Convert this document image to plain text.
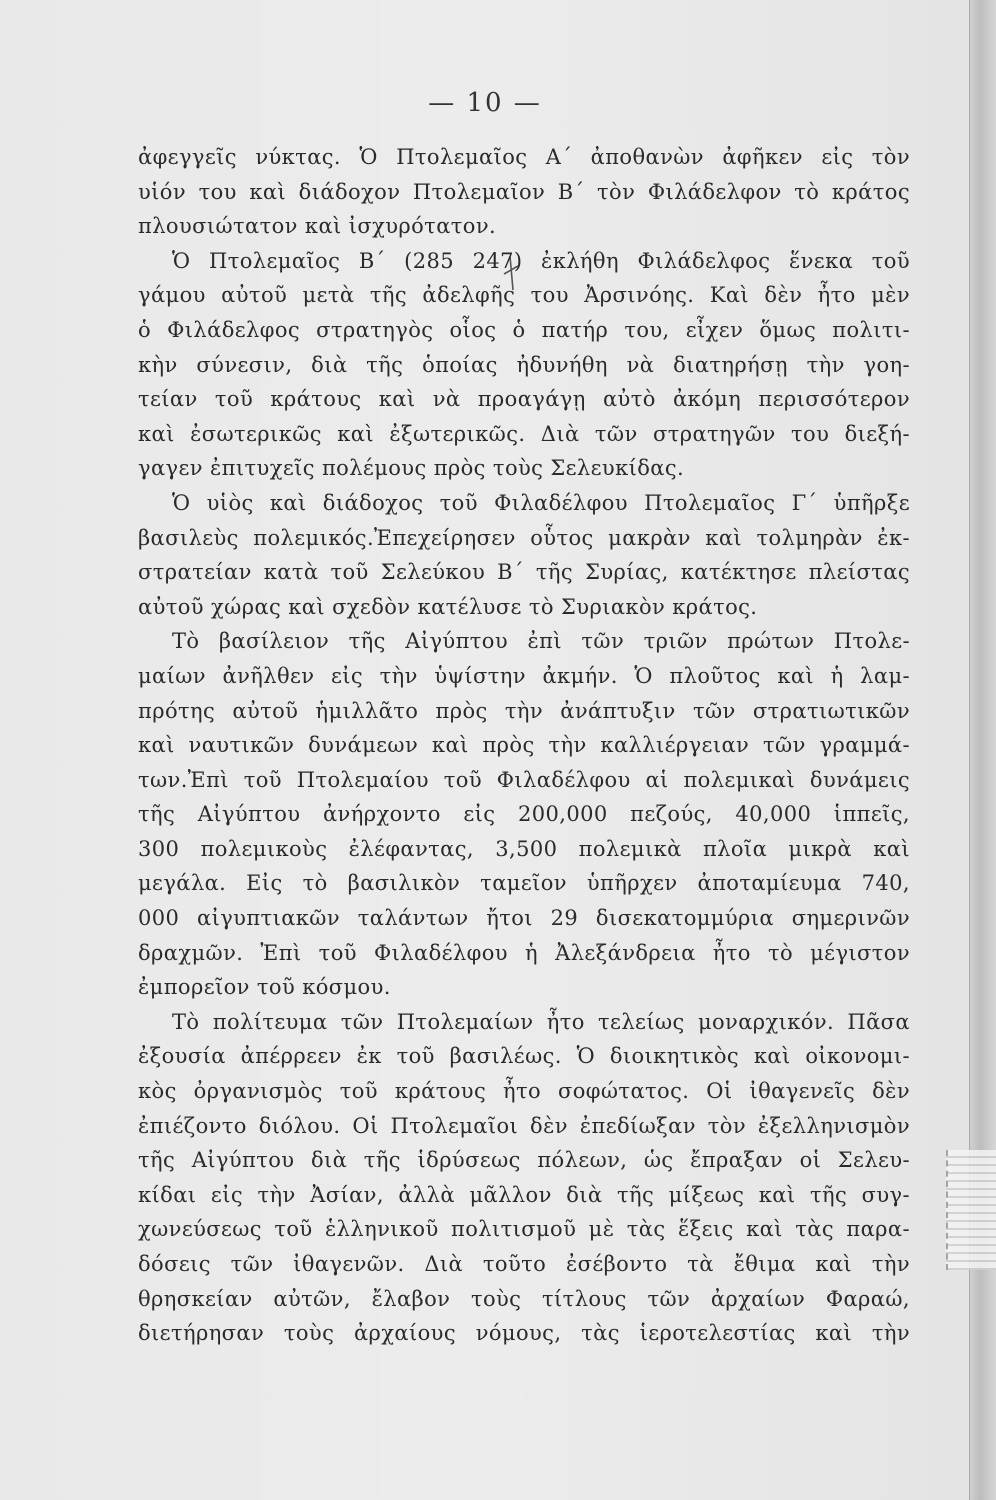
— 10 —
ἀφεγγεῖς νύκτας. Ὁ Πτολεμαῖος Α΄ ἀποθανὼν ἀφῆκεν εἰς τὸν
υἱόν του καὶ διάδοχον Πτολεμαῖον Β΄ τὸν Φιλάδελφον τὸ κράτος
πλουσιώτατον καὶ ἰσχυρότατον.
Ὁ Πτολεμαῖος Β΄ (285 247) ἐκλήθη Φιλάδελφος ἕνεκα τοῦ
γάμου αὐτοῦ μετὰ τῆς ἀδελφῆς του Ἀρσινόης. Καὶ δὲν ἦτο μὲν
ὁ Φιλάδελφος στρατηγὸς οἷος ὁ πατήρ του, εἶχεν ὅμως πολιτι-
κὴν σύνεσιν, διὰ τῆς ὁποίας ἠδυνήθη νὰ διατηρήσῃ τὴν γοη-
τείαν τοῦ κράτους καὶ νὰ προαγάγῃ αὐτὸ ἀκόμη περισσότερον
καὶ ἐσωτερικῶς καὶ ἐξωτερικῶς. Διὰ τῶν στρατηγῶν του διεξή-
γαγεν ἐπιτυχεῖς πολέμους πρὸς τοὺς Σελευκίδας.
Ὁ υἱὸς καὶ διάδοχος τοῦ Φιλαδέλφου Πτολεμαῖος Γ΄ ὑπῆρξε
βασιλεὺς πολεμικός.Ἐπεχείρησεν οὗτος μακρὰν καὶ τολμηρὰν ἐκ-
στρατείαν κατὰ τοῦ Σελεύκου Β΄ τῆς Συρίας, κατέκτησε πλείστας
αὐτοῦ χώρας καὶ σχεδὸν κατέλυσε τὸ Συριακὸν κράτος.
Τὸ βασίλειον τῆς Αἰγύπτου ἐπὶ τῶν τριῶν πρώτων Πτολε-
μαίων ἀνῆλθεν εἰς τὴν ὑψίστην ἀκμήν. Ὁ πλοῦτος καὶ ἡ λαμ-
πρότης αὐτοῦ ἡμιλλᾶτο πρὸς τὴν ἀνάπτυξιν τῶν στρατιωτικῶν
καὶ ναυτικῶν δυνάμεων καὶ πρὸς τὴν καλλιέργειαν τῶν γραμμά-
των.Ἐπὶ τοῦ Πτολεμαίου τοῦ Φιλαδέλφου αἱ πολεμικαὶ δυνάμεις
τῆς Αἰγύπτου ἀνήρχοντο εἰς 200,000 πεζούς, 40,000 ἱππεῖς,
300 πολεμικοὺς ἐλέφαντας, 3,500 πολεμικὰ πλοῖα μικρὰ καὶ
μεγάλα. Εἰς τὸ βασιλικὸν ταμεῖον ὑπῆρχεν ἀποταμίευμα 740,
000 αἰγυπτιακῶν ταλάντων ἤτοι 29 δισεκατομμύρια σημερινῶν
δραχμῶν. Ἐπὶ τοῦ Φιλαδέλφου ἡ Ἀλεξάνδρεια ἦτο τὸ μέγιστον
ἐμπορεῖον τοῦ κόσμου.
Τὸ πολίτευμα τῶν Πτολεμαίων ἦτο τελείως μοναρχικόν. Πᾶσα
ἐξουσία ἀπέρρεεν ἐκ τοῦ βασιλέως. Ὁ διοικητικὸς καὶ οἰκονομι-
κὸς ὀργανισμὸς τοῦ κράτους ἦτο σοφώτατος. Οἱ ἰθαγενεῖς δὲν
ἐπιέζοντο διόλου. Οἱ Πτολεμαῖοι δὲν ἐπεδίωξαν τὸν ἐξελληνισμὸν
τῆς Αἰγύπτου διὰ τῆς ἱδρύσεως πόλεων, ὡς ἔπραξαν οἱ Σελευ-
κίδαι εἰς τὴν Ἀσίαν, ἀλλὰ μᾶλλον διὰ τῆς μίξεως καὶ τῆς συγ-
χωνεύσεως τοῦ ἑλληνικοῦ πολιτισμοῦ μὲ τὰς ἕξεις καὶ τὰς παρα-
δόσεις τῶν ἰθαγενῶν. Διὰ τοῦτο ἐσέβοντο τὰ ἔθιμα καὶ τὴν
θρησκείαν αὐτῶν, ἔλαβον τοὺς τίτλους τῶν ἀρχαίων Φαραώ,
διετήρησαν τοὺς ἀρχαίους νόμους, τὰς ἱεροτελεστίας καὶ τὴν
